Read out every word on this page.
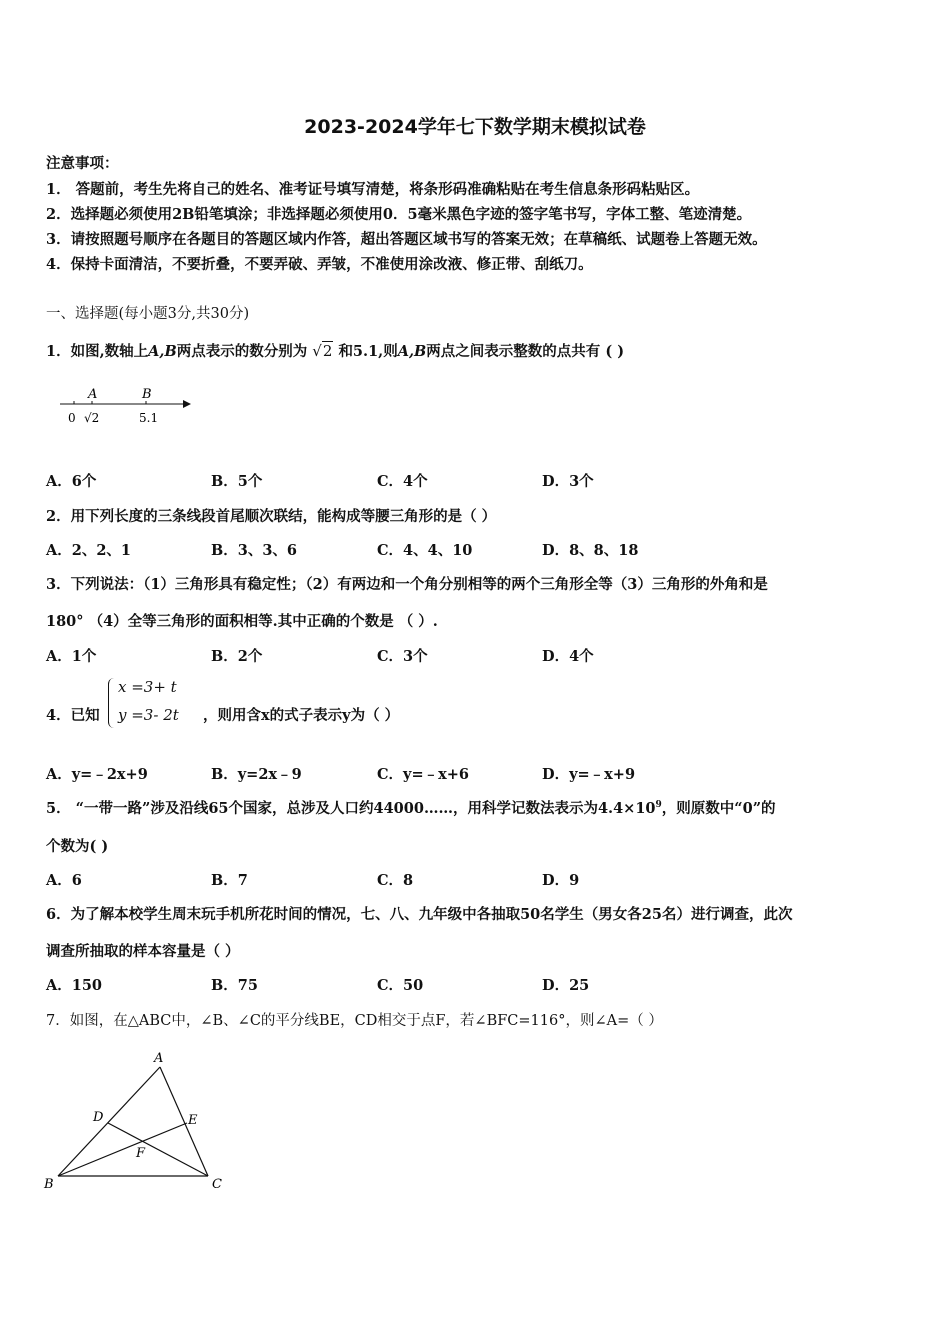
2023-2024学年七下数学期末模拟试卷
注意事项：
1． 答题前，考生先将自己的姓名、准考证号填写清楚，将条形码准确粘贴在考生信息条形码粘贴区。
2．选择题必须使用2B铅笔填涂；非选择题必须使用0．5毫米黑色字迹的签字笔书写，字体工整、笔迹清楚。
3．请按照题号顺序在各题目的答题区域内作答，超出答题区域书写的答案无效；在草稿纸、试题卷上答题无效。
4．保持卡面清洁，不要折叠，不要弄破、弄皱，不准使用涂改液、修正带、刮纸刀。
一、选择题(每小题3分,共30分)
1．如图,数轴上A,B两点表示的数分别为 √2 和5.1,则A,B两点之间表示整数的点共有 ( )
A	B
0 √2	5.1
A．6个	B．5个	C．4个	D．3个
2．用下列长度的三条线段首尾顺次联结，能构成等腰三角形的是（ ）
A．2、2、1	B．3、3、6	C．4、4、10	D．8、8、18
3．下列说法：（1）三角形具有稳定性；（2）有两边和一个角分别相等的两个三角形全等（3）三角形的外角和是
180° （4）全等三角形的面积相等.其中正确的个数是 （ ）.
A．1个	B．2个	C．3个	D．4个
4．已知
x =3+ t
y =3- 2t ，则用含x的式子表示y为（ ）
A．y=﹣2x+9	B．y=2x﹣9	C．y=﹣x+6	D．y=﹣x+9
5． “一带一路”涉及沿线65个国家，总涉及人口约44000……，用科学记数法表示为$4.4\times 10^9$，则原数中“0”的
个数为( )
A．6	B．7	C．8	D．9
6．为了解本校学生周末玩手机所花时间的情况，七、八、九年级中各抽取50名学生（男女各25名）进行调查，此次
调查所抽取的样本容量是（ ）
A．150	B．75	C．50	D．25
7．如图，在△ABC中，∠B、∠C的平分线BE，CD相交于点F，若∠BFC=116°，则∠A=（ ）
A
B	C
D	E
F
